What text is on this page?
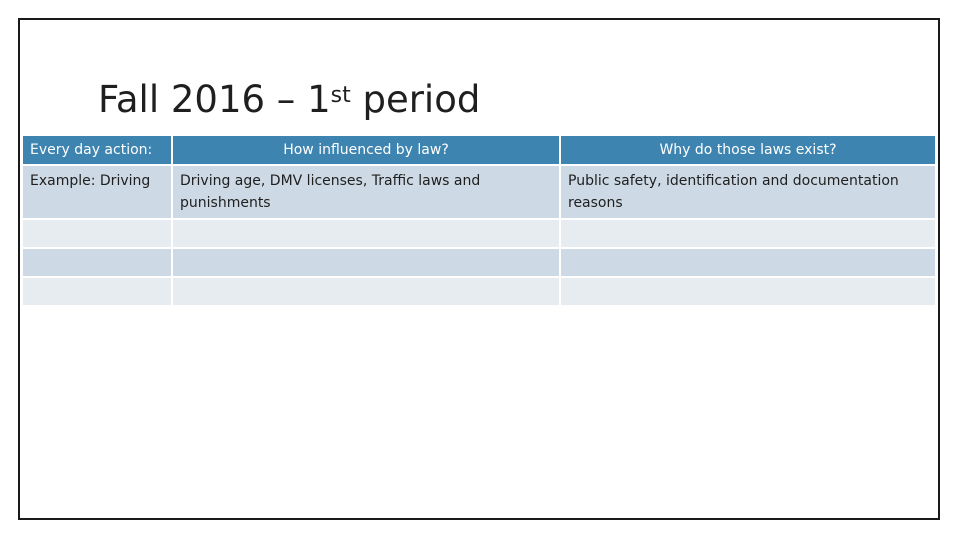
Fall 2016 – 1st period
Every day action:	How influenced by law?	Why do those laws exist?
Example: Driving	Driving age, DMV licenses, Traffic laws and punishments	Public safety, identification and documentation reasons
